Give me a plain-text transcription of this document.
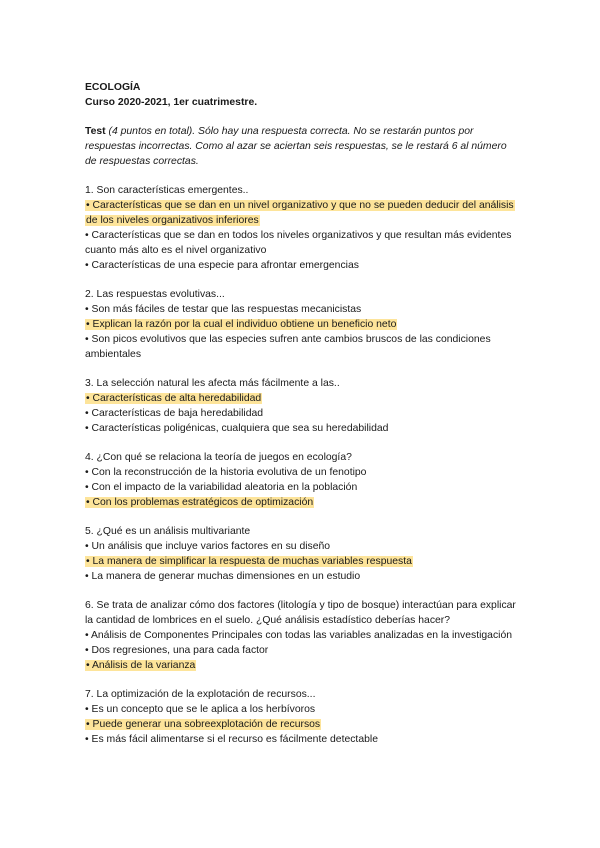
ECOLOGÍA

Curso 2020-2021, 1er cuatrimestre.

Test (4 puntos en total). Sólo hay una respuesta correcta. No se restarán puntos por respuestas incorrectas. Como al azar se aciertan seis respuestas, se le restará 6 al número de respuestas correctas.

1. Son características emergentes..

• Características que se dan en un nivel organizativo y que no se pueden deducir del análisis de los niveles organizativos inferiores

• Características que se dan en todos los niveles organizativos y que resultan más evidentes cuanto más alto es el nivel organizativo

• Características de una especie para afrontar emergencias

2. Las respuestas evolutivas...

• Son más fáciles de testar que las respuestas mecanicistas

• Explican la razón por la cual el individuo obtiene un beneficio neto

• Son picos evolutivos que las especies sufren ante cambios bruscos de las condiciones ambientales

3. La selección natural les afecta más fácilmente a las..

• Características de alta heredabilidad

• Características de baja heredabilidad

• Características poligénicas, cualquiera que sea su heredabilidad

4. ¿Con qué se relaciona la teoría de juegos en ecología?

• Con la reconstrucción de la historia evolutiva de un fenotipo

• Con el impacto de la variabilidad aleatoria en la población

• Con los problemas estratégicos de optimización

5. ¿Qué es un análisis multivariante

• Un análisis que incluye varios factores en su diseño

• La manera de simplificar la respuesta de muchas variables respuesta

• La manera de generar muchas dimensiones en un estudio

6. Se trata de analizar cómo dos factores (litología y tipo de bosque) interactúan para explicar la cantidad de lombrices en el suelo. ¿Qué análisis estadístico deberías hacer?

• Análisis de Componentes Principales con todas las variables analizadas en la investigación

• Dos regresiones, una para cada factor

• Análisis de la varianza

7. La optimización de la explotación de recursos...

• Es un concepto que se le aplica a los herbívoros

• Puede generar una sobreexplotación de recursos

• Es más fácil alimentarse si el recurso es fácilmente detectable
